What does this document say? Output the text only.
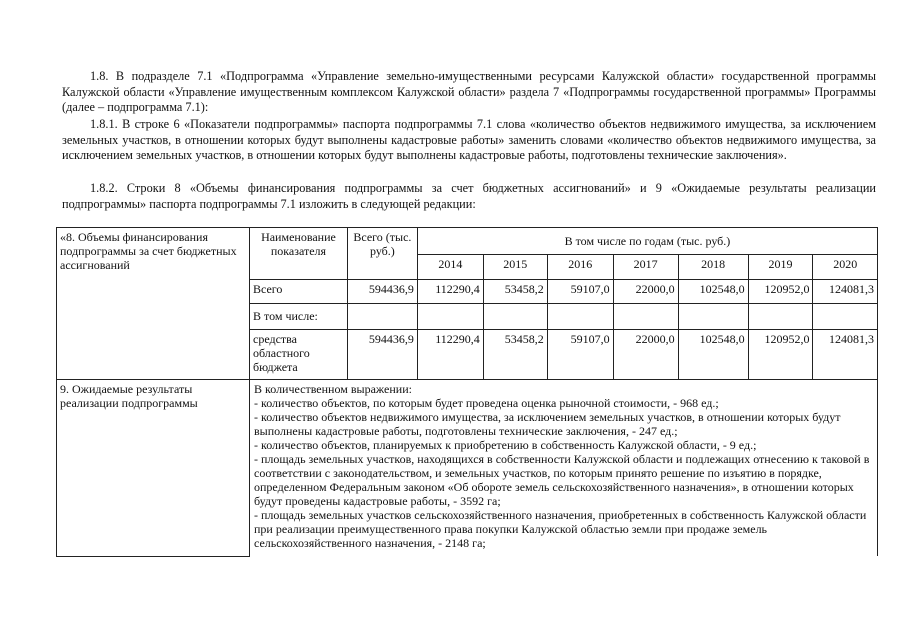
1.8. В подразделе 7.1 «Подпрограмма «Управление земельно-имущественными ресурсами Калужской области» государственной программы Калужской области «Управление имущественным комплексом Калужской области» раздела 7 «Подпрограммы государственной программы» Программы (далее – подпрограмма 7.1):

1.8.1. В строке 6 «Показатели подпрограммы» паспорта подпрограммы 7.1 слова «количество объектов недвижимого имущества, за исключением земельных участков, в отношении которых будут выполнены кадастровые работы» заменить словами «количество объектов недвижимого имущества, за исключением земельных участков, в отношении которых будут выполнены кадастровые работы, подготовлены технические заключения».

1.8.2. Строки 8 «Объемы финансирования подпрограммы за счет бюджетных ассигнований» и 9 «Ожидаемые результаты реализации подпрограммы» паспорта подпрограммы 7.1 изложить в следующей редакции:

«8. Объемы финансирования подпрограммы за счет бюджетных ассигнований	
Наименование показателя	Всего (тыс. руб.)	В том числе по годам (тыс. руб.)
2014	2015	2016	2017	2018	2019	2020
Всего	594436,9	112290,4	53458,2	59107,0	22000,0	102548,0	120952,0	124081,3
В том числе:								
средства областного бюджета	594436,9	112290,4	53458,2	59107,0	22000,0	102548,0	120952,0	124081,3

9. Ожидаемые результаты реализации подпрограммы	

В количественном выражении:

- количество объектов, по которым будет проведена оценка рыночной стоимости, - 968 ед.;

- количество объектов недвижимого имущества, за исключением земельных участков, в отношении которых будут выполнены кадастровые работы, подготовлены технические заключения, - 247 ед.;

- количество объектов, планируемых к приобретению в собственность Калужской области, - 9 ед.;

- площадь земельных участков, находящихся в собственности Калужской области и подлежащих отнесению к таковой в соответствии с законодательством, и земельных участков, по которым принято решение по изъятию в порядке, определенном Федеральным законом «Об обороте земель сельскохозяйственного назначения», в отношении которых будут проведены кадастровые работы, - 3592 га;

- площадь земельных участков сельскохозяйственного назначения, приобретенных в собственность Калужской области при реализации преимущественного права покупки Калужской областью земли при продаже земель сельскохозяйственного назначения, - 2148 га;
